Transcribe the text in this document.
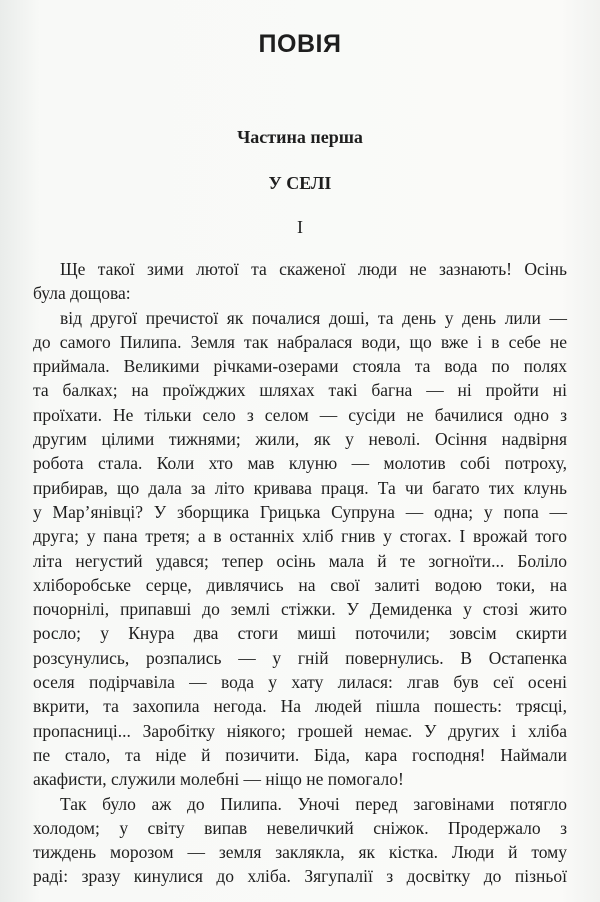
ПОВІЯ
Частина перша
У СЕЛІ
I
Ще такої зими лютої та скаженої люди не зазнають! Осінь
була дощова:
від другої пречистої як почалися доші, та день у день лили —
до самого Пилипа. Земля так набралася води, що вже і в себе не
приймала. Великими річками-озерами стояла та вода по полях
та балках; на проїжджих шляхах такі багна — ні пройти ні
проїхати. Не тільки село з селом — сусіди не бачилися одно з
другим цілими тижнями; жили, як у неволі. Осіння надвірня
робота стала. Коли хто мав клуню — молотив собі потроху,
прибирав, що дала за літо кривава праця. Та чи багато тих клунь
у Мар’янівці? У зборщика Грицька Супруна — одна; у попа —
друга; у пана третя; а в останніх хліб гнив у стогах. І врожай того
літа негустий удався; тепер осінь мала й те зогноїти... Боліло
хліборобське серце, дивлячись на свої залиті водою токи, на
почорнілі, припавші до землі стіжки. У Демиденка у стозі жито
росло; у Кнура два стоги миші поточили; зовсім скирти
розсунулись, розпались — у гній повернулись. В Остапенка
оселя подірчавіла — вода у хату лилася: лгав був сеї осені
вкрити, та захопила негода. На людей пішла пошесть: трясці,
пропасниці... Заробітку ніякого; грошей немає. У других і хліба
пе стало, та ніде й позичити. Біда, кара господня! Наймали
акафисти, служили молебні — ніщо не помогало!
Так було аж до Пилипа. Уночі перед заговінами потягло
холодом; у світу випав невеличкий сніжок. Продержало з
тиждень морозом — земля заклякла, як кістка. Люди й тому
раді: зразу кинулися до хліба. Зягупалії з досвітку до пізньої
